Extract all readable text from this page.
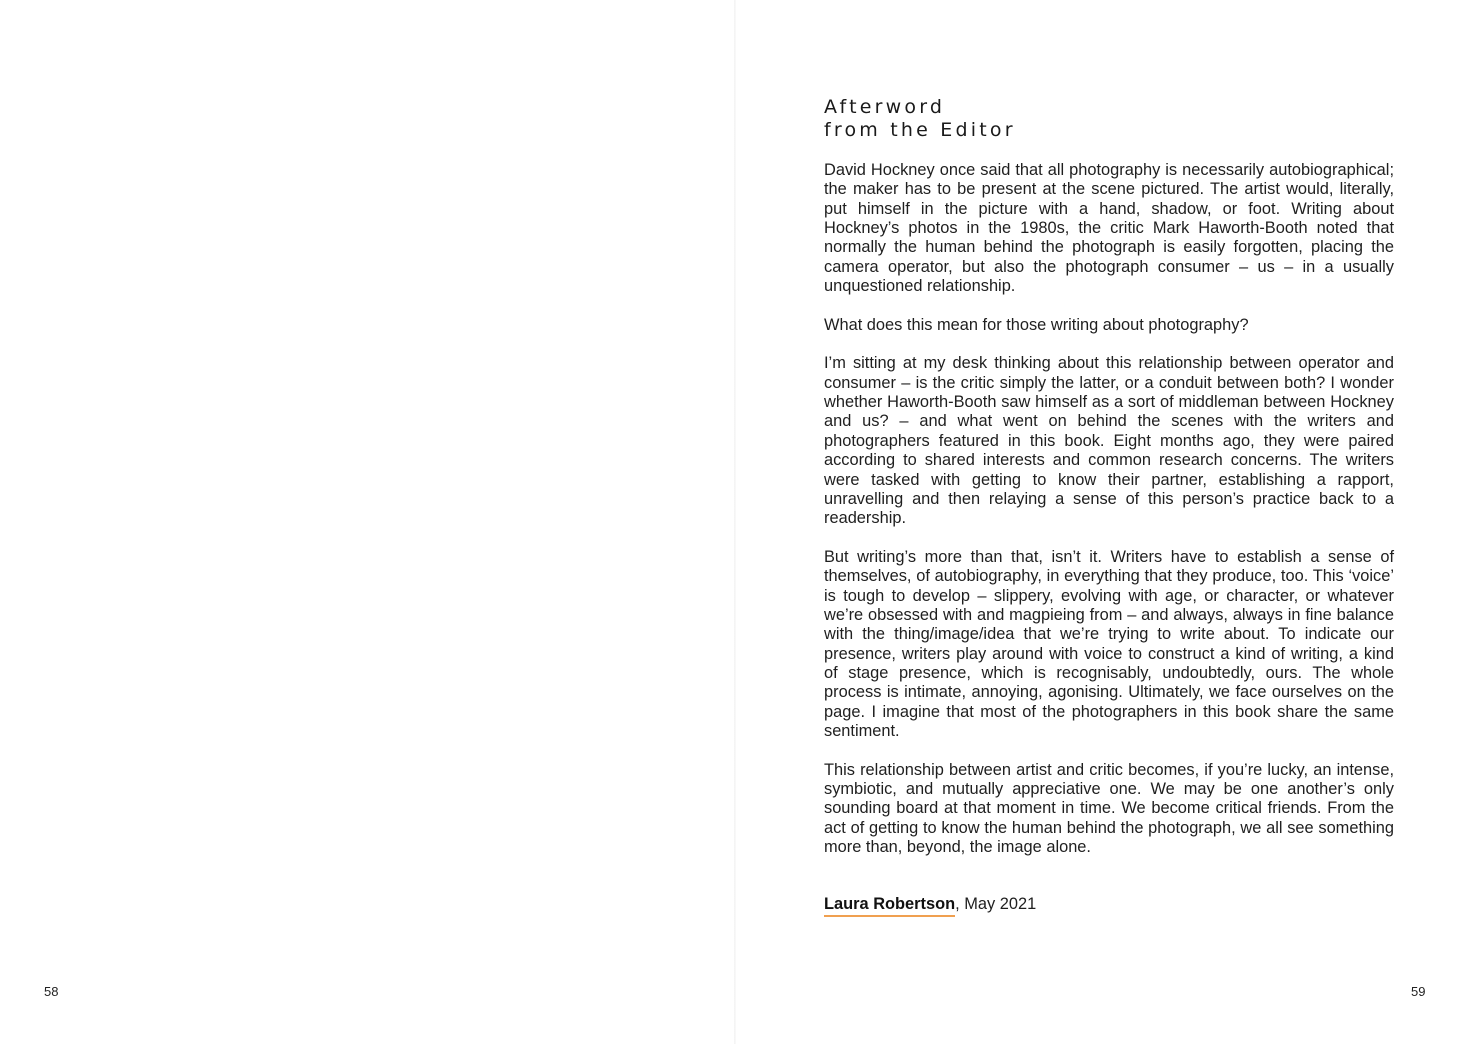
58
Afterword
from the Editor

David Hockney once said that all photography is necessarily autobiographical; the maker has to be present at the scene pictured. The artist would, literally, put himself in the picture with a hand, shadow, or foot. Writing about Hockney’s photos in the 1980s, the critic Mark Haworth-Booth noted that normally the human behind the photograph is easily forgotten, placing the camera operator, but also the photograph consumer – us – in a usually unquestioned relationship.

What does this mean for those writing about photography?

I’m sitting at my desk thinking about this relationship between operator and consumer – is the critic simply the latter, or a conduit between both? I wonder whether Haworth-Booth saw himself as a sort of middleman between Hockney and us? – and what went on behind the scenes with the writers and photographers featured in this book. Eight months ago, they were paired according to shared interests and common research concerns. The writers were tasked with getting to know their partner, establishing a rapport, unravelling and then relaying a sense of this person’s practice back to a readership.

But writing’s more than that, isn’t it. Writers have to establish a sense of themselves, of autobiography, in everything that they produce, too. This ‘voice’ is tough to develop – slippery, evolving with age, or character, or whatever we’re obsessed with and magpieing from – and always, always in fine balance with the thing/image/idea that we’re trying to write about. To indicate our presence, writers play around with voice to construct a kind of writing, a kind of stage presence, which is recognisably, undoubtedly, ours. The whole process is intimate, annoying, agonising. Ultimately, we face ourselves on the page. I imagine that most of the photographers in this book share the same sentiment.

This relationship between artist and critic becomes, if you’re lucky, an intense, symbiotic, and mutually appreciative one. We may be one another’s only sounding board at that moment in time. We become critical friends. From the act of getting to know the human behind the photograph, we all see something more than, beyond, the image alone.

Laura Robertson, May 2021
59
